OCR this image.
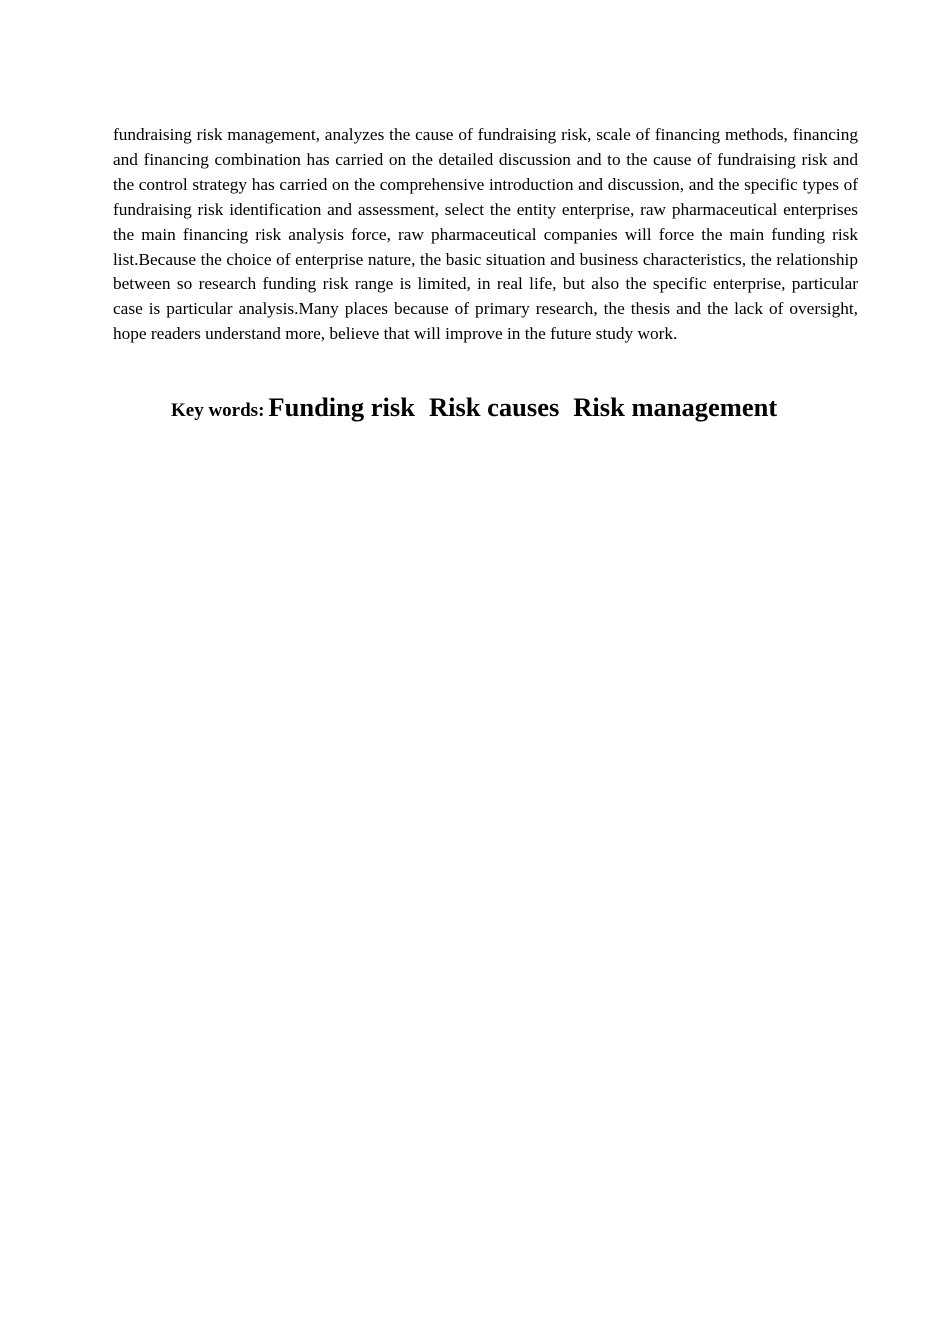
fundraising risk management, analyzes the cause of fundraising risk, scale of financing methods, financing and financing combination has carried on the detailed discussion and to the cause of fundraising risk and the control strategy has carried on the comprehensive introduction and discussion, and the specific types of fundraising risk identification and assessment, select the entity enterprise, raw pharmaceutical enterprises the main financing risk analysis force, raw pharmaceutical companies will force the main funding risk list.Because the choice of enterprise nature, the basic situation and business characteristics, the relationship between so research funding risk range is limited, in real life, but also the specific enterprise, particular case is particular analysis.Many places because of primary research, the thesis and the lack of oversight, hope readers understand more, believe that will improve in the future study work.

Key words: Funding risk Risk causes Risk management
